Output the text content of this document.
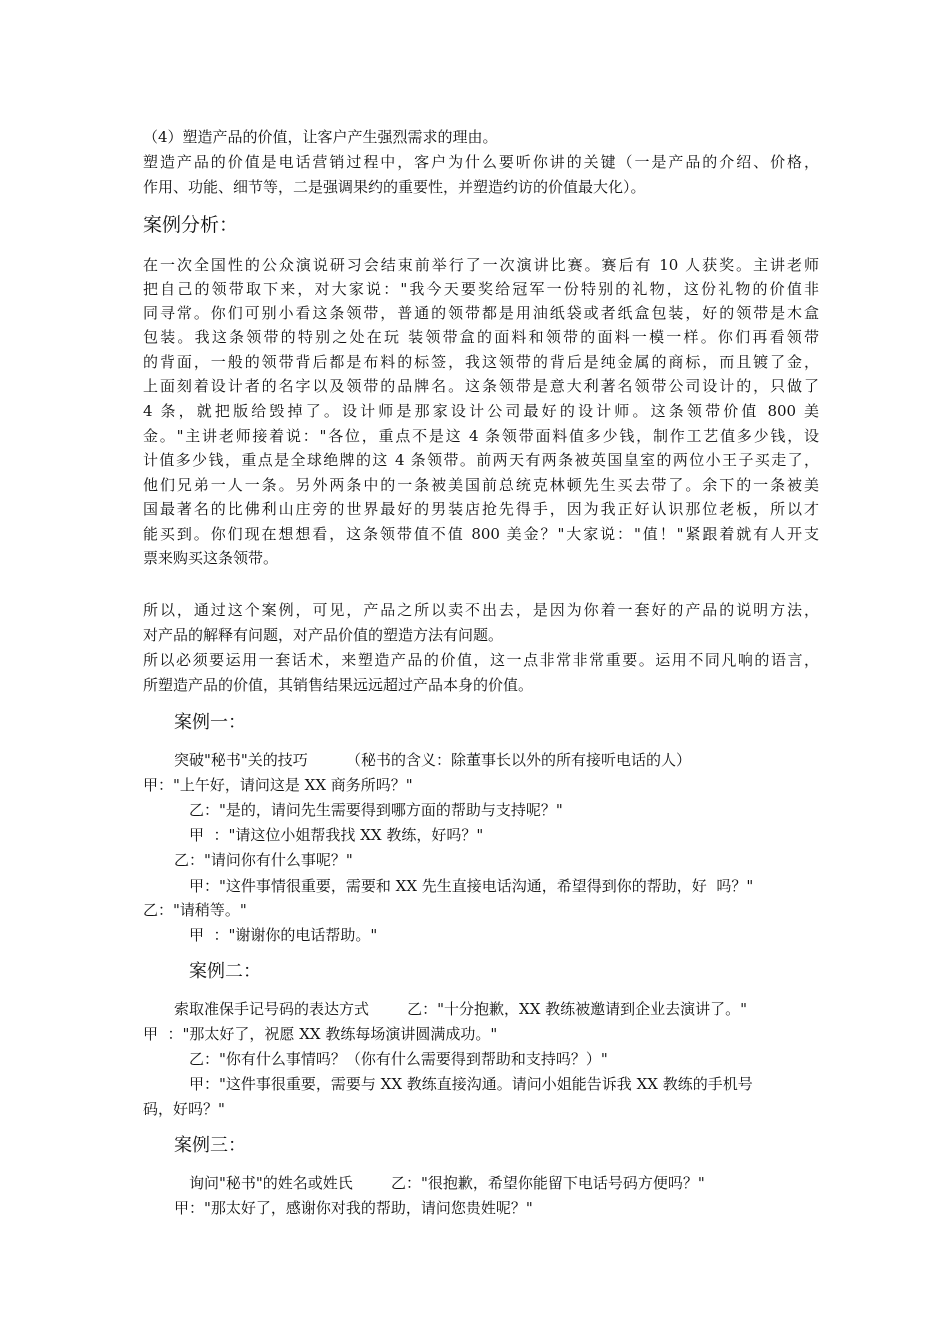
（4）塑造产品的价值，让客户产生强烈需求的理由。
塑造产品的价值是电话营销过程中，客户为什么要听你讲的关键（一是产品的介绍、价格，
作用、功能、细节等，二是强调果约的重要性，并塑造约访的价值最大化）。
案例分析：
在一次全国性的公众演说研习会结束前举行了一次演讲比赛。赛后有 10 人获奖。主讲老师
把自己的领带取下来，对大家说："我今天要奖给冠军一份特别的礼物，这份礼物的价值非
同寻常。你们可别小看这条领带，普通的领带都是用油纸袋或者纸盒包装，好的领带是木盒
包装。我这条领带的特别之处在玩 装领带盒的面料和领带的面料一模一样。你们再看领带
的背面，一般的领带背后都是布料的标签，我这领带的背后是纯金属的商标，而且镀了金，
上面刻着设计者的名字以及领带的品牌名。这条领带是意大利著名领带公司设计的，只做了
4 条，就把版给毁掉了。设计师是那家设计公司最好的设计师。这条领带价值 800 美
金。"主讲老师接着说："各位，重点不是这 4 条领带面料值多少钱，制作工艺值多少钱，设
计值多少钱，重点是全球绝牌的这 4 条领带。前两天有两条被英国皇室的两位小王子买走了，
他们兄弟一人一条。另外两条中的一条被美国前总统克林顿先生买去带了。余下的一条被美
国最著名的比佛利山庄旁的世界最好的男装店抢先得手，因为我正好认识那位老板，所以才
能买到。你们现在想想看，这条领带值不值 800 美金？"大家说："值！"紧跟着就有人开支
票来购买这条领带。
所以，通过这个案例，可见，产品之所以卖不出去，是因为你着一套好的产品的说明方法，
对产品的解释有问题，对产品价值的塑造方法有问题。
所以必须要运用一套话术，来塑造产品的价值，这一点非常非常重要。运用不同凡响的语言，
所塑造产品的价值，其销售结果远远超过产品本身的价值。
案例一：
突破"秘书"关的技巧        （秘书的含义：除董事长以外的所有接听电话的人）
甲："上午好，请问这是 XX 商务所吗？"
乙："是的，请问先生需要得到哪方面的帮助与支持呢？"
甲  ："请这位小姐帮我找 XX 教练，好吗？"
乙："请问你有什么事呢？"
甲："这件事情很重要，需要和 XX 先生直接电话沟通，希望得到你的帮助，好  吗？"
乙："请稍等。"
甲  ："谢谢你的电话帮助。"
案例二：
索取准保手记号码的表达方式        乙："十分抱歉，XX 教练被邀请到企业去演讲了。"
甲  ："那太好了，祝愿 XX 教练每场演讲圆满成功。"
乙："你有什么事情吗？（你有什么需要得到帮助和支持吗？）"
甲："这件事很重要，需要与 XX 教练直接沟通。请问小姐能告诉我 XX 教练的手机号
码，好吗？"
案例三：
询问"秘书"的姓名或姓氏        乙："很抱歉，希望你能留下电话号码方便吗？"
甲："那太好了，感谢你对我的帮助，请问您贵姓呢？"
